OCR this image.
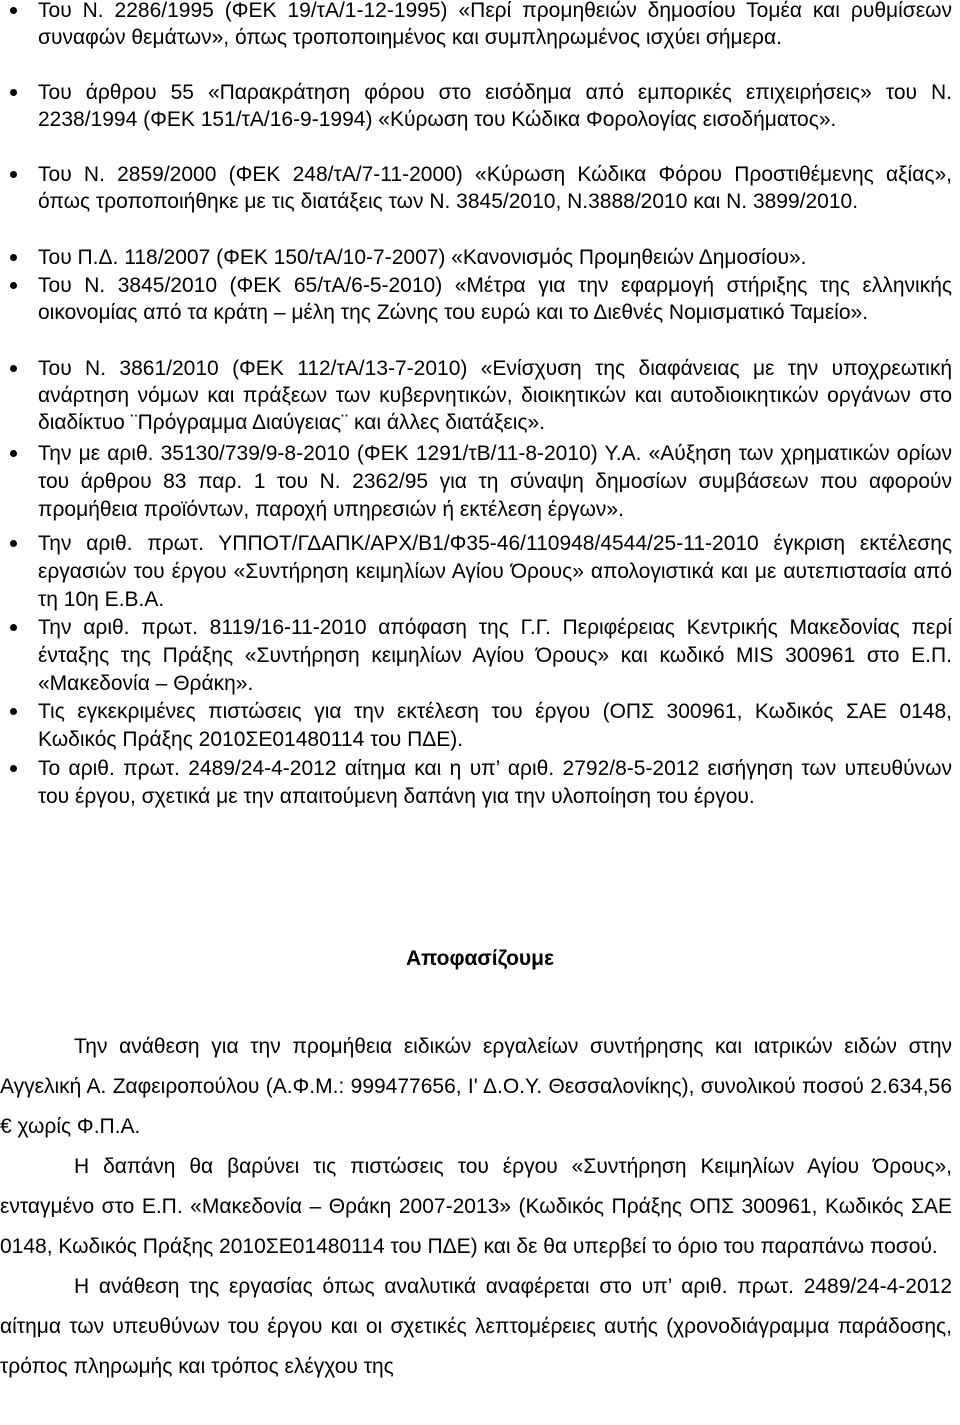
Του Ν. 2286/1995 (ΦΕΚ 19/τΑ/1-12-1995) «Περί προμηθειών δημοσίου Τομέα και ρυθμίσεων συναφών θεμάτων», όπως τροποποιημένος και συμπληρωμένος ισχύει σήμερα.
Του άρθρου 55 «Παρακράτηση φόρου στο εισόδημα από εμπορικές επιχειρήσεις» του Ν. 2238/1994 (ΦΕΚ 151/τΑ/16-9-1994) «Κύρωση του Κώδικα Φορολογίας εισοδήματος».
Του Ν. 2859/2000 (ΦΕΚ 248/τΑ/7-11-2000) «Κύρωση Κώδικα Φόρου Προστιθέμενης αξίας», όπως τροποποιήθηκε με τις διατάξεις των Ν. 3845/2010, Ν.3888/2010 και Ν. 3899/2010.
Του Π.Δ. 118/2007 (ΦΕΚ 150/τΑ/10-7-2007) «Κανονισμός Προμηθειών Δημοσίου».
Του Ν. 3845/2010 (ΦΕΚ 65/τΑ/6-5-2010) «Μέτρα για την εφαρμογή στήριξης της ελληνικής οικονομίας από τα κράτη – μέλη της Ζώνης του ευρώ και το Διεθνές Νομισματικό Ταμείο».
Του Ν. 3861/2010 (ΦΕΚ 112/τΑ/13-7-2010) «Ενίσχυση της διαφάνειας με την υποχρεωτική ανάρτηση νόμων και πράξεων των κυβερνητικών, διοικητικών και αυτοδιοικητικών οργάνων στο διαδίκτυο ¨Πρόγραμμα Διαύγειας¨ και άλλες διατάξεις».
Την με αριθ. 35130/739/9-8-2010 (ΦΕΚ 1291/τΒ/11-8-2010) Υ.Α. «Αύξηση των χρηματικών ορίων του άρθρου 83 παρ. 1 του Ν. 2362/95 για τη σύναψη δημοσίων συμβάσεων που αφορούν προμήθεια προϊόντων, παροχή υπηρεσιών ή εκτέλεση έργων».
Την αριθ. πρωτ. ΥΠΠΟΤ/ΓΔΑΠΚ/ΑΡΧ/Β1/Φ35-46/110948/4544/25-11-2010 έγκριση εκτέλεσης εργασιών του έργου «Συντήρηση κειμηλίων Αγίου Όρους» απολογιστικά και με αυτεπιστασία από τη 10η Ε.Β.Α.
Την αριθ. πρωτ. 8119/16-11-2010 απόφαση της Γ.Γ. Περιφέρειας Κεντρικής Μακεδονίας περί ένταξης της Πράξης «Συντήρηση κειμηλίων Αγίου Όρους» και κωδικό MIS 300961 στο Ε.Π. «Μακεδονία – Θράκη».
Τις εγκεκριμένες πιστώσεις για την εκτέλεση του έργου (ΟΠΣ 300961, Κωδικός ΣΑΕ 0148, Κωδικός Πράξης 2010ΣΕ01480114 του ΠΔΕ).
Το αριθ. πρωτ. 2489/24-4-2012 αίτημα και η υπ’ αριθ. 2792/8-5-2012 εισήγηση των υπευθύνων του έργου, σχετικά με την απαιτούμενη δαπάνη για την υλοποίηση του έργου.
Αποφασίζουμε

Την ανάθεση για την προμήθεια ειδικών εργαλείων συντήρησης και ιατρικών ειδών στην Αγγελική Α. Ζαφειροπούλου (Α.Φ.Μ.: 999477656, Ι' Δ.Ο.Υ. Θεσσαλονίκης), συνολικού ποσού 2.634,56 € χωρίς Φ.Π.Α.

Η δαπάνη θα βαρύνει τις πιστώσεις του έργου «Συντήρηση Κειμηλίων Αγίου Όρους», ενταγμένο στο Ε.Π. «Μακεδονία – Θράκη 2007-2013» (Κωδικός Πράξης ΟΠΣ 300961, Κωδικός ΣΑΕ 0148, Κωδικός Πράξης 2010ΣΕ01480114 του ΠΔΕ) και δε θα υπερβεί το όριο του παραπάνω ποσού.

Η ανάθεση της εργασίας όπως αναλυτικά αναφέρεται στο υπ’ αριθ. πρωτ. 2489/24-4-2012 αίτημα των υπευθύνων του έργου και οι σχετικές λεπτομέρειες αυτής (χρονοδιάγραμμα παράδοσης, τρόπος πληρωμής και τρόπος ελέγχου της
